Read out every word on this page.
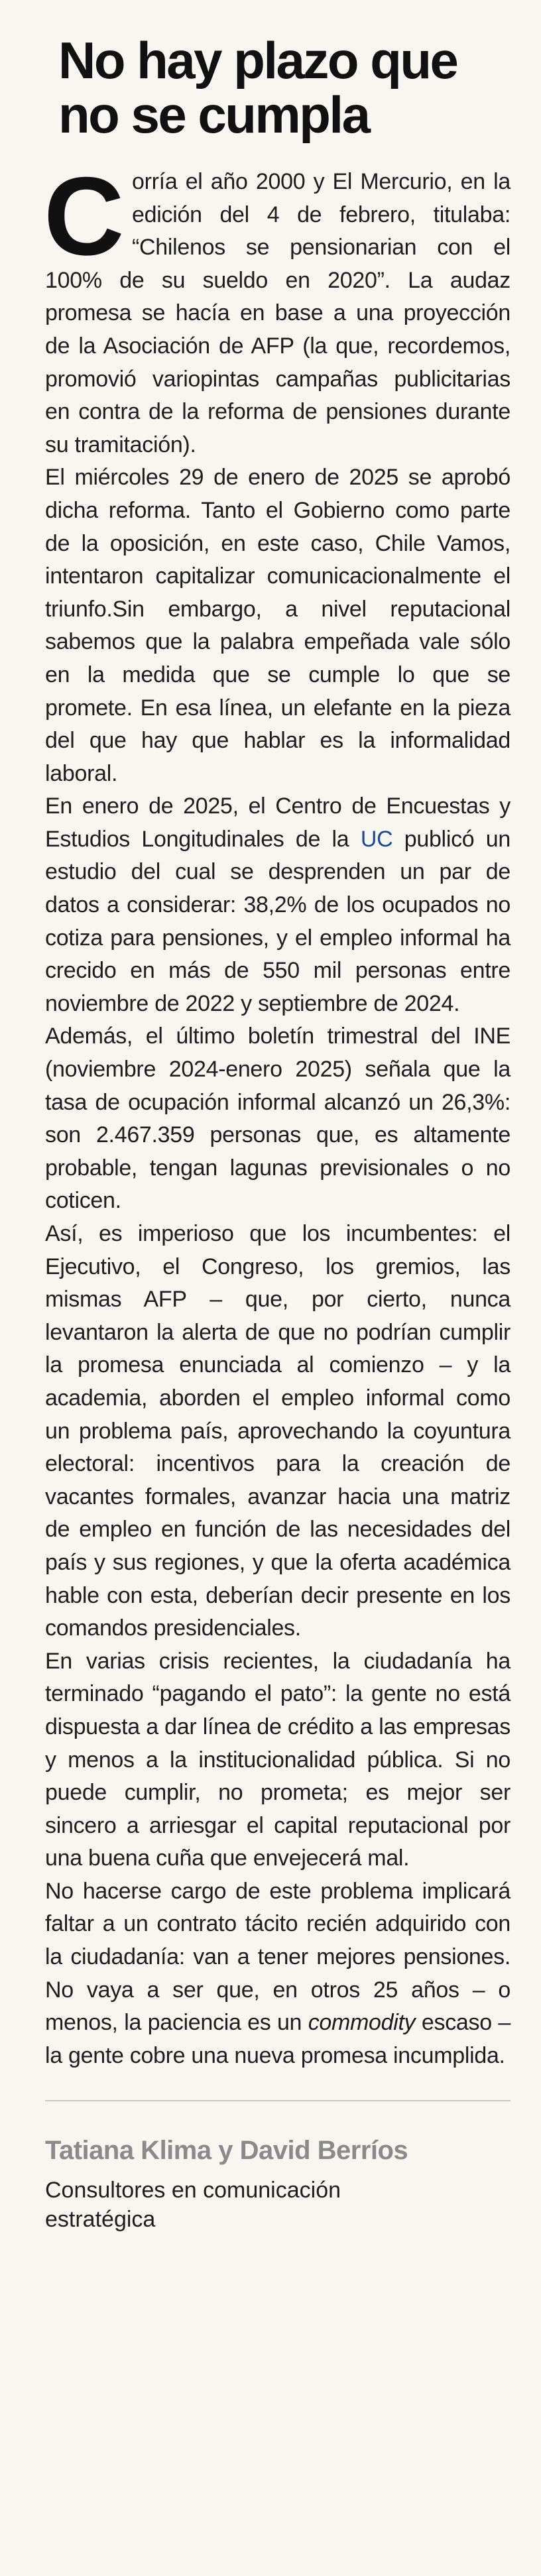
No hay plazo que
no se cumpla

Corría el año 2000 y El Mercurio, en la edición del 4 de febrero, titulaba: “Chilenos se pensionarian con el 100% de su sueldo en 2020”. La audaz promesa se hacía en base a una proyección de la Asociación de AFP (la que, recordemos, promovió variopintas campañas publicitarias en contra de la reforma de pensiones durante su tramitación).

El miércoles 29 de enero de 2025 se aprobó dicha reforma. Tanto el Gobierno como parte de la oposición, en este caso, Chile Vamos, intentaron capitalizar comunicacionalmente el triunfo.Sin embargo, a nivel reputacional sabemos que la palabra empeñada vale sólo en la medida que se cumple lo que se promete. En esa línea, un elefante en la pieza del que hay que hablar es la informalidad laboral.

En enero de 2025, el Centro de Encuestas y Estudios Longitudinales de la UC publicó un estudio del cual se desprenden un par de datos a considerar: 38,2% de los ocupados no cotiza para pensiones, y el empleo informal ha crecido en más de 550 mil personas entre noviembre de 2022 y septiembre de 2024.

Además, el último boletín trimestral del INE (noviembre 2024-enero 2025) señala que la tasa de ocupación informal alcanzó un 26,3%: son 2.467.359 personas que, es altamente probable, tengan lagunas previsionales o no coticen.

Así, es imperioso que los incumbentes: el Ejecutivo, el Congreso, los gremios, las mismas AFP – que, por cierto, nunca levantaron la alerta de que no podrían cumplir la promesa enunciada al comienzo – y la academia, aborden el empleo informal como un problema país, aprovechando la coyuntura electoral: incentivos para la creación de vacantes formales, avanzar hacia una matriz de empleo en función de las necesidades del país y sus regiones, y que la oferta académica hable con esta, deberían decir presente en los comandos presidenciales.

En varias crisis recientes, la ciudadanía ha terminado “pagando el pato”: la gente no está dispuesta a dar línea de crédito a las empresas y menos a la institucionalidad pública. Si no puede cumplir, no prometa; es mejor ser sincero a arriesgar el capital reputacional por una buena cuña que envejecerá mal.

No hacerse cargo de este problema implicará faltar a un contrato tácito recién adquirido con la ciudadanía: van a tener mejores pensiones. No vaya a ser que, en otros 25 años – o menos, la paciencia es un commodity escaso – la gente cobre una nueva promesa incumplida.

Tatiana Klima y David Berríos
Consultores en comunicación estratégica
